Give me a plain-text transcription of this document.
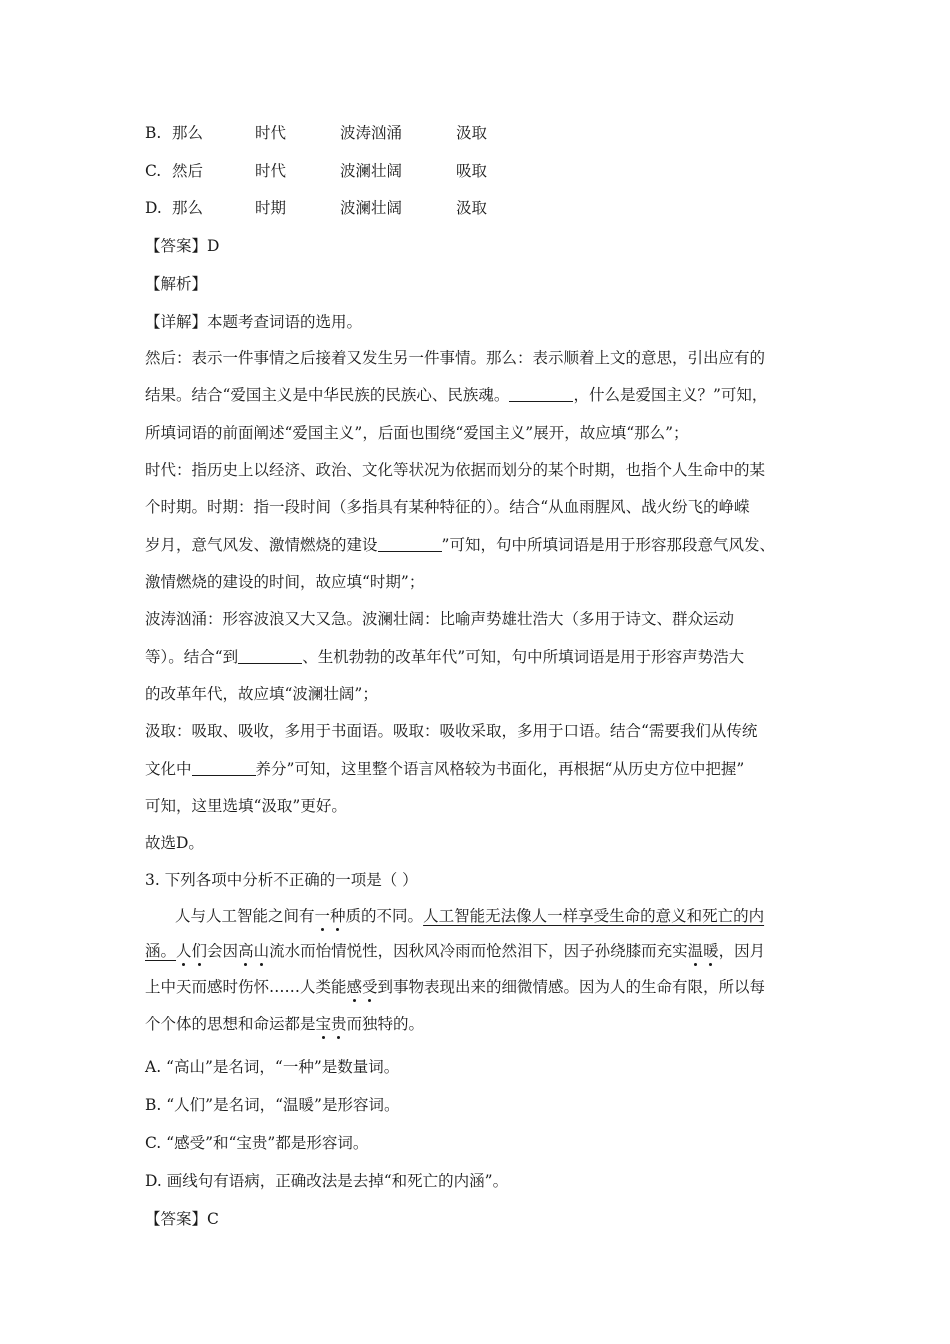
B. 那么	时代	波涛汹涌	汲取
C. 然后	时代	波澜壮阔	吸取
D. 那么	时期	波澜壮阔	汲取
【答案】D
【解析】
【详解】本题考查词语的选用。
然后：表示一件事情之后接着又发生另一件事情。那么：表示顺着上文的意思，引出应有的
结果。结合“爱国主义是中华民族的民族心、民族魂。	，什么是爱国主义？”可知，
所填词语的前面阐述“爱国主义”，后面也围绕“爱国主义”展开，故应填“那么”；
时代：指历史上以经济、政治、文化等状况为依据而划分的某个时期，也指个人生命中的某
个时期。时期：指一段时间（多指具有某种特征的）。结合“从血雨腥风、战火纷飞的峥嵘
岁月，意气风发、激情燃烧的建设	”可知，句中所填词语是用于形容那段意气风发、
激情燃烧的建设的时间，故应填“时期”；
波涛汹涌：形容波浪又大又急。波澜壮阔：比喻声势雄壮浩大（多用于诗文、群众运动
等）。结合“到	、生机勃勃的改革年代”可知，句中所填词语是用于形容声势浩大
的改革年代，故应填“波澜壮阔”；
汲取：吸取、吸收，多用于书面语。吸取：吸收采取，多用于口语。结合“需要我们从传统
文化中	养分”可知，这里整个语言风格较为书面化，再根据“从历史方位中把握”
可知，这里选填“汲取”更好。
故选D。
3. 下列各项中分析不正确的一项是（ ）
人与人工智能之间有一种质的不同。人工智能无法像人一样享受生命的意义和死亡的内
涵。人们会因高山流水而怡情悦性，因秋风冷雨而怆然泪下，因子孙绕膝而充实温暖，因月
上中天而感时伤怀……人类能感受到事物表现出来的细微情感。因为人的生命有限，所以每
个个体的思想和命运都是宝贵而独特的。
A. “高山”是名词，“一种”是数量词。
B. “人们”是名词，“温暖”是形容词。
C. “感受”和“宝贵”都是形容词。
D. 画线句有语病，正确改法是去掉“和死亡的内涵”。
【答案】C
